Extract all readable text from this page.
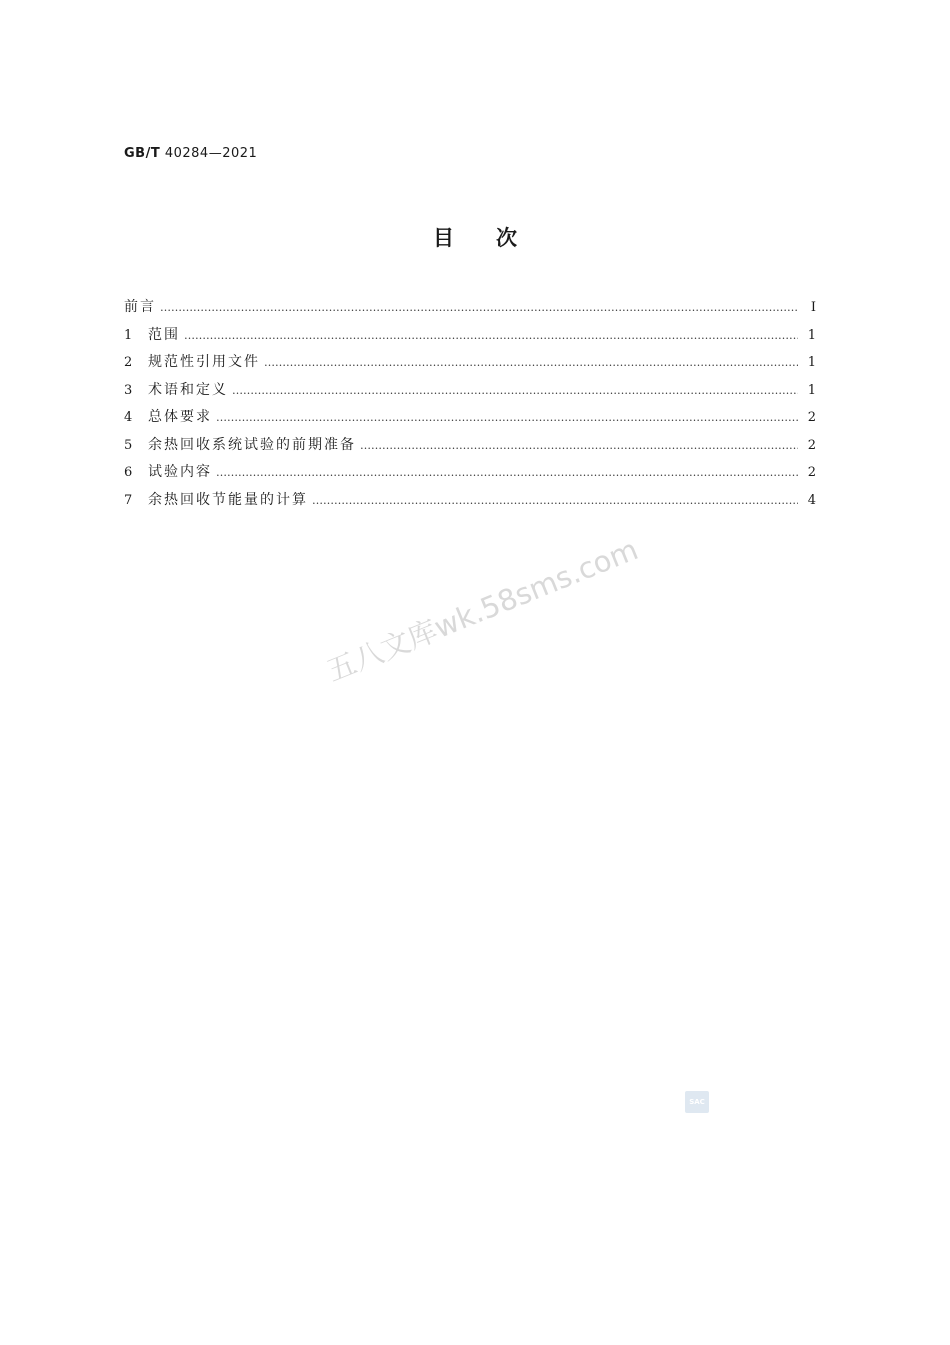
GB/T 40284—2021
目 次
前言 ……………………………………………………………………………………………………………………………………………………………………………………………………………………………………	Ⅰ
1	范围 ……………………………………………………………………………………………………………………………………………………………………………………………………………………………………	1
2	规范性引用文件 ……………………………………………………………………………………………………………………………………………………………………………………………………………………………………	1
3	术语和定义 ……………………………………………………………………………………………………………………………………………………………………………………………………………………………………	1
4	总体要求 ……………………………………………………………………………………………………………………………………………………………………………………………………………………………………	2
5	余热回收系统试验的前期准备 ……………………………………………………………………………………………………………………………………………………………………………………………………………………………………	2
6	试验内容 ……………………………………………………………………………………………………………………………………………………………………………………………………………………………………	2
7	余热回收节能量的计算 ……………………………………………………………………………………………………………………………………………………………………………………………………………………………………	4
五八文库wk.58sms.com
SAC
